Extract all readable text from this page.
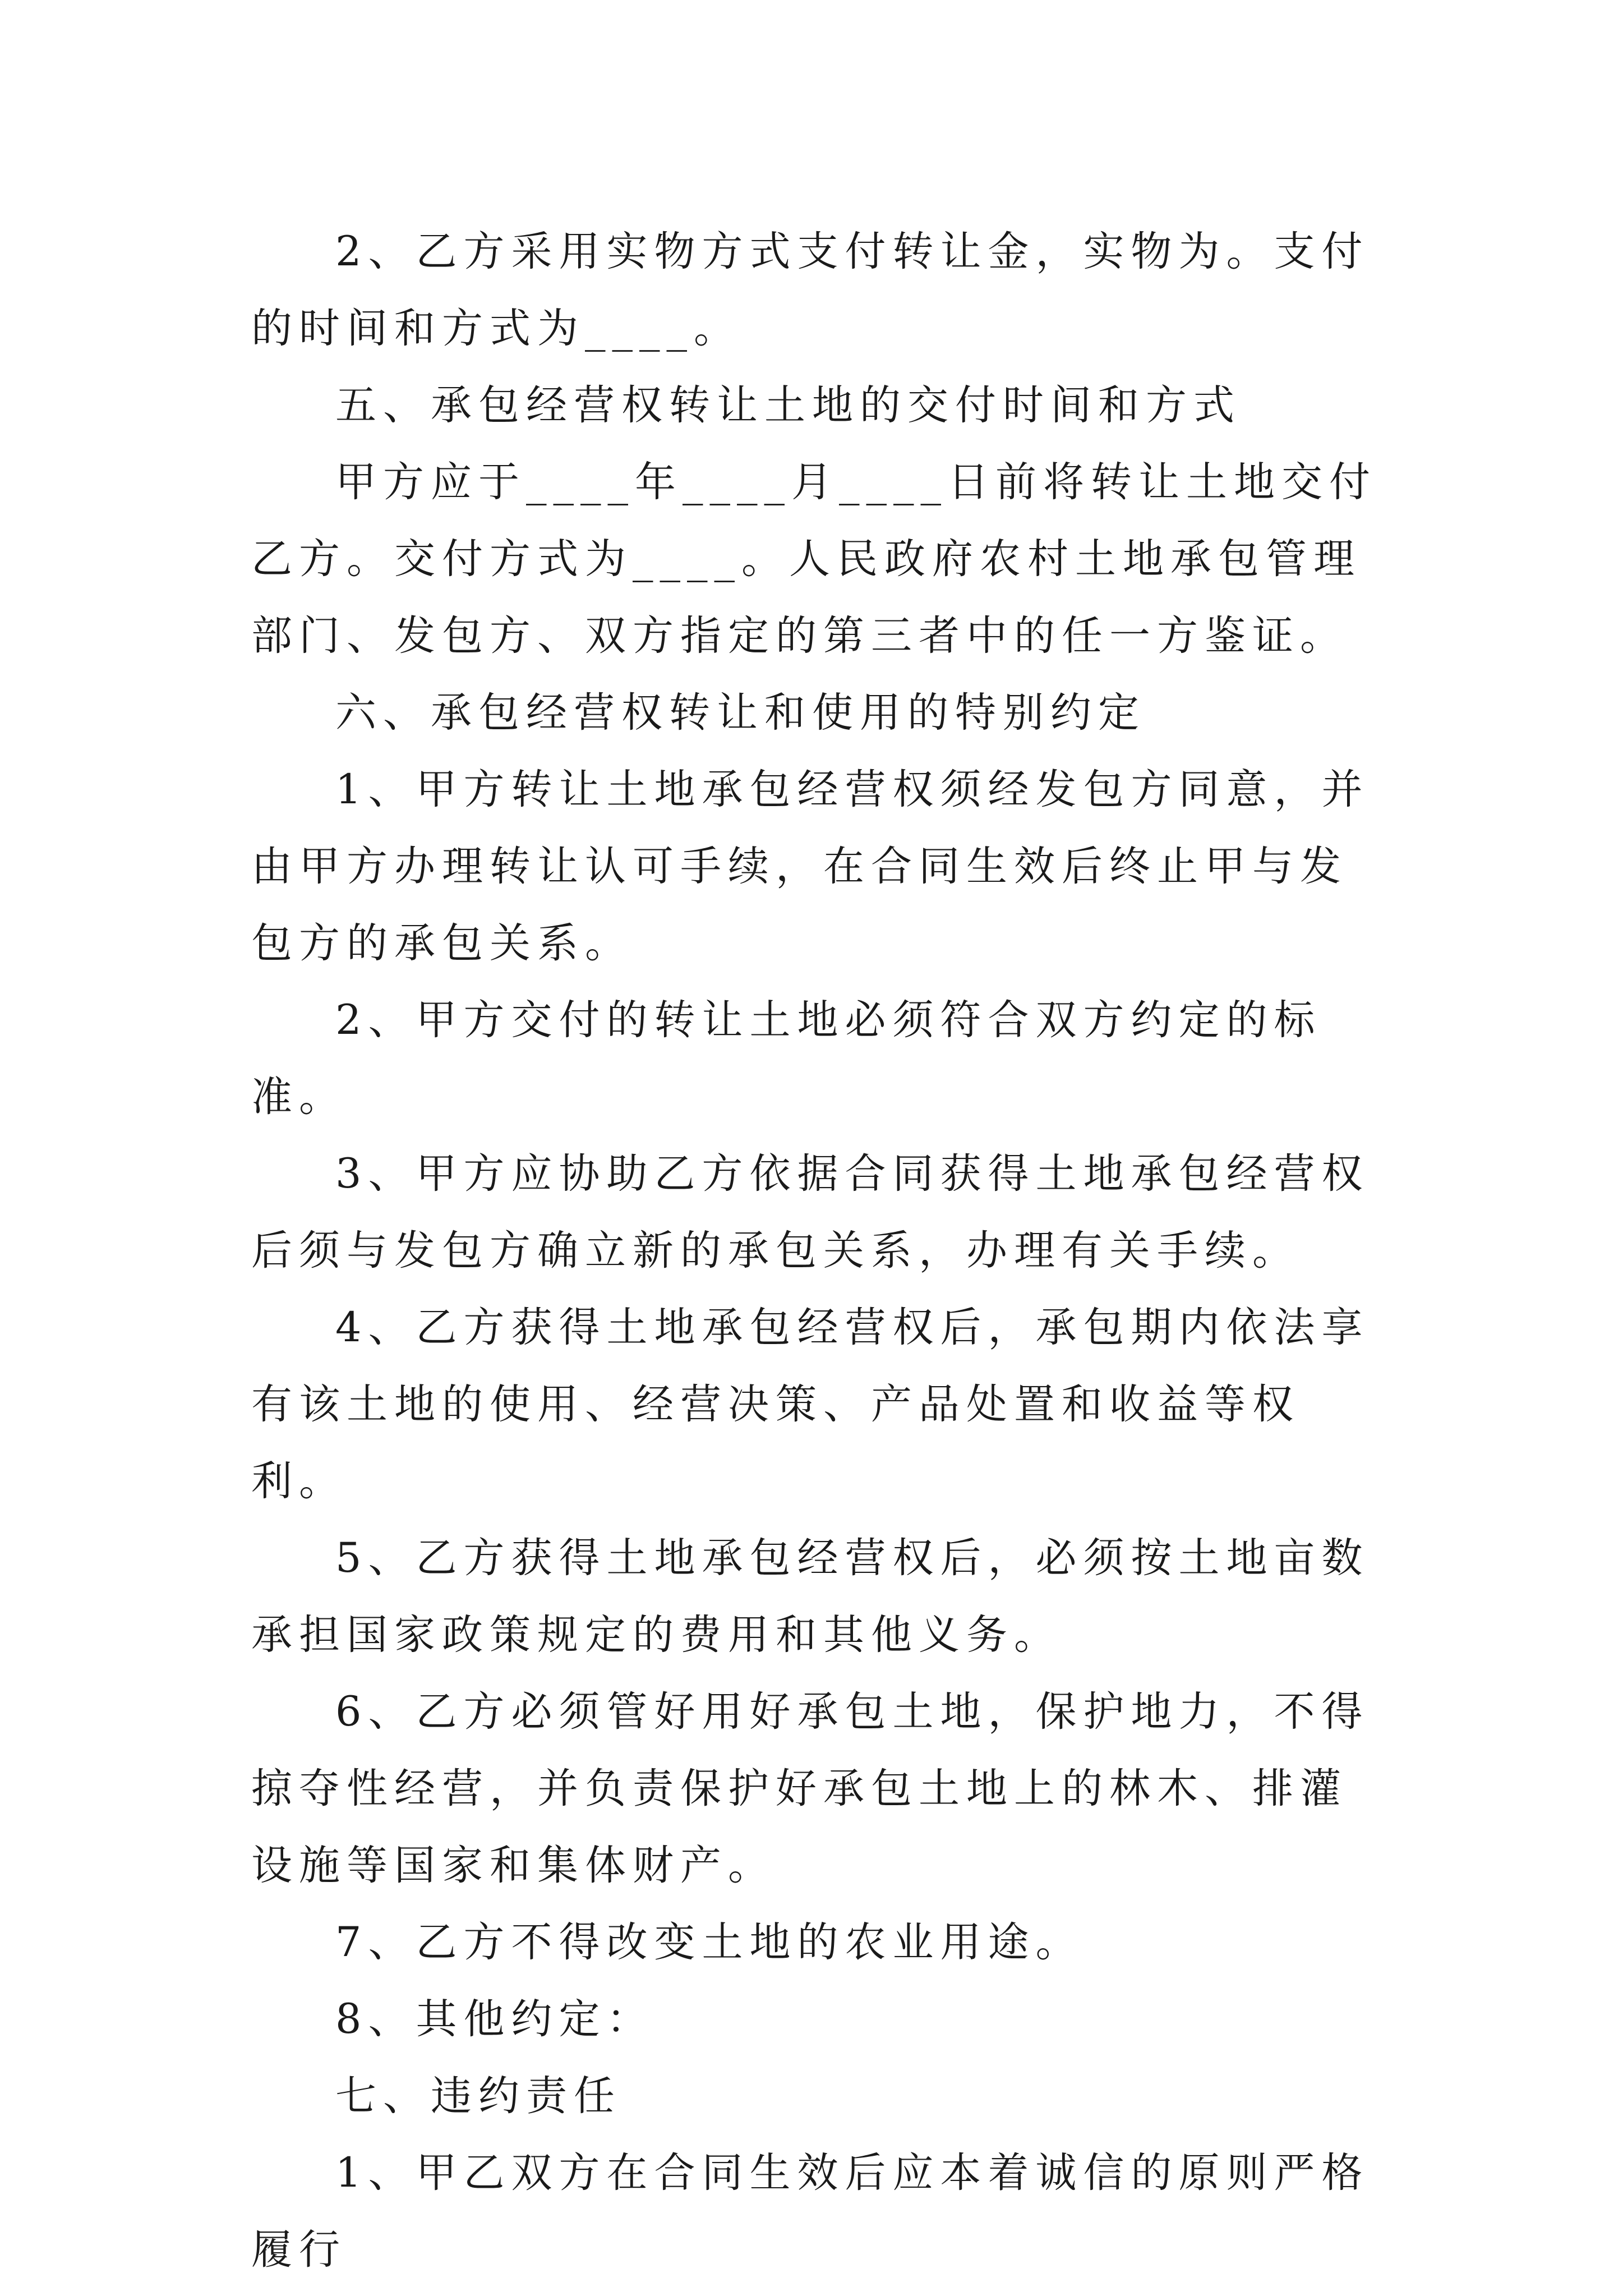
2、乙方采用实物方式支付转让金，实物为。支付的时间和方式为____。

五、承包经营权转让土地的交付时间和方式

甲方应于____年____月____日前将转让土地交付乙方。交付方式为____。人民政府农村土地承包管理部门、发包方、双方指定的第三者中的任一方鉴证。

六、承包经营权转让和使用的特别约定

1、甲方转让土地承包经营权须经发包方同意，并由甲方办理转让认可手续，在合同生效后终止甲与发包方的承包关系。

2、甲方交付的转让土地必须符合双方约定的标准。

3、甲方应协助乙方依据合同获得土地承包经营权后须与发包方确立新的承包关系，办理有关手续。

4、乙方获得土地承包经营权后，承包期内依法享有该土地的使用、经营决策、产品处置和收益等权利。

5、乙方获得土地承包经营权后，必须按土地亩数承担国家政策规定的费用和其他义务。

6、乙方必须管好用好承包土地，保护地力，不得掠夺性经营，并负责保护好承包土地上的林木、排灌设施等国家和集体财产。

7、乙方不得改变土地的农业用途。

8、其他约定：

七、违约责任

1、甲乙双方在合同生效后应本着诚信的原则严格履行
